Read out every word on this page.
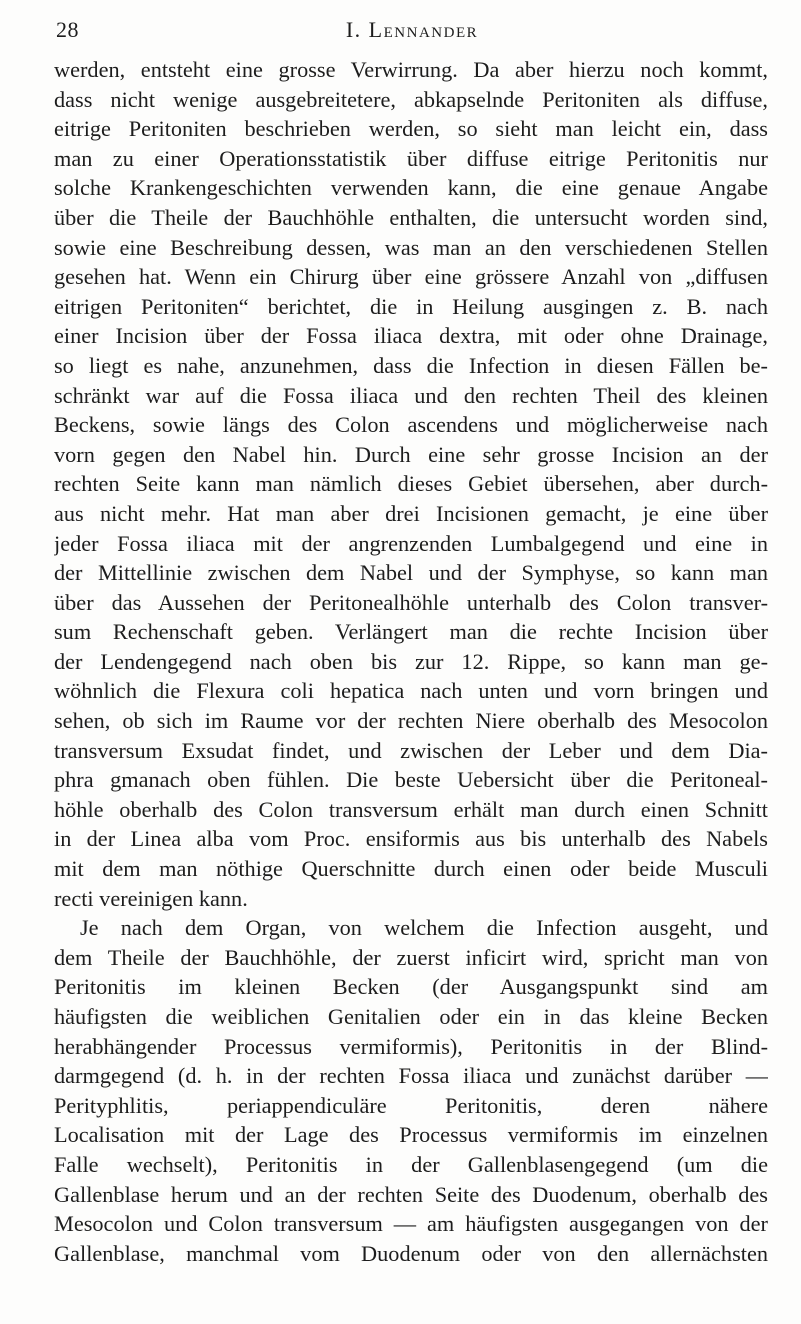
28	I. Lennander
werden, entsteht eine grosse Verwirrung. Da aber hierzu noch kommt,
dass nicht wenige ausgebreitetere, abkapselnde Peritoniten als diffuse,
eitrige Peritoniten beschrieben werden, so sieht man leicht ein, dass
man zu einer Operationsstatistik über diffuse eitrige Peritonitis nur
solche Krankengeschichten verwenden kann, die eine genaue Angabe
über die Theile der Bauchhöhle enthalten, die untersucht worden sind,
sowie eine Beschreibung dessen, was man an den verschiedenen Stellen
gesehen hat. Wenn ein Chirurg über eine grössere Anzahl von „diffusen
eitrigen Peritoniten“ berichtet, die in Heilung ausgingen z. B. nach
einer Incision über der Fossa iliaca dextra, mit oder ohne Drainage,
so liegt es nahe, anzunehmen, dass die Infection in diesen Fällen be-
schränkt war auf die Fossa iliaca und den rechten Theil des kleinen
Beckens, sowie längs des Colon ascendens und möglicherweise nach
vorn gegen den Nabel hin. Durch eine sehr grosse Incision an der
rechten Seite kann man nämlich dieses Gebiet übersehen, aber durch-
aus nicht mehr. Hat man aber drei Incisionen gemacht, je eine über
jeder Fossa iliaca mit der angrenzenden Lumbalgegend und eine in
der Mittellinie zwischen dem Nabel und der Symphyse, so kann man
über das Aussehen der Peritonealhöhle unterhalb des Colon transver-
sum Rechenschaft geben. Verlängert man die rechte Incision über
der Lendengegend nach oben bis zur 12. Rippe, so kann man ge-
wöhnlich die Flexura coli hepatica nach unten und vorn bringen und
sehen, ob sich im Raume vor der rechten Niere oberhalb des Mesocolon
transversum Exsudat findet, und zwischen der Leber und dem Dia-
phra gmanach oben fühlen. Die beste Uebersicht über die Peritoneal-
höhle oberhalb des Colon transversum erhält man durch einen Schnitt
in der Linea alba vom Proc. ensiformis aus bis unterhalb des Nabels
mit dem man nöthige Querschnitte durch einen oder beide Musculi
recti vereinigen kann.
Je nach dem Organ, von welchem die Infection ausgeht, und
dem Theile der Bauchhöhle, der zuerst inficirt wird, spricht man von
Peritonitis im kleinen Becken (der Ausgangspunkt sind am
häufigsten die weiblichen Genitalien oder ein in das kleine Becken
herabhängender Processus vermiformis), Peritonitis in der Blind-
darmgegend (d. h. in der rechten Fossa iliaca und zunächst darüber —
Perityphlitis, periappendiculäre Peritonitis, deren nähere
Localisation mit der Lage des Processus vermiformis im einzelnen
Falle wechselt), Peritonitis in der Gallenblasengegend (um die
Gallenblase herum und an der rechten Seite des Duodenum, oberhalb des
Mesocolon und Colon transversum — am häufigsten ausgegangen von der
Gallenblase, manchmal vom Duodenum oder von den allernächsten
